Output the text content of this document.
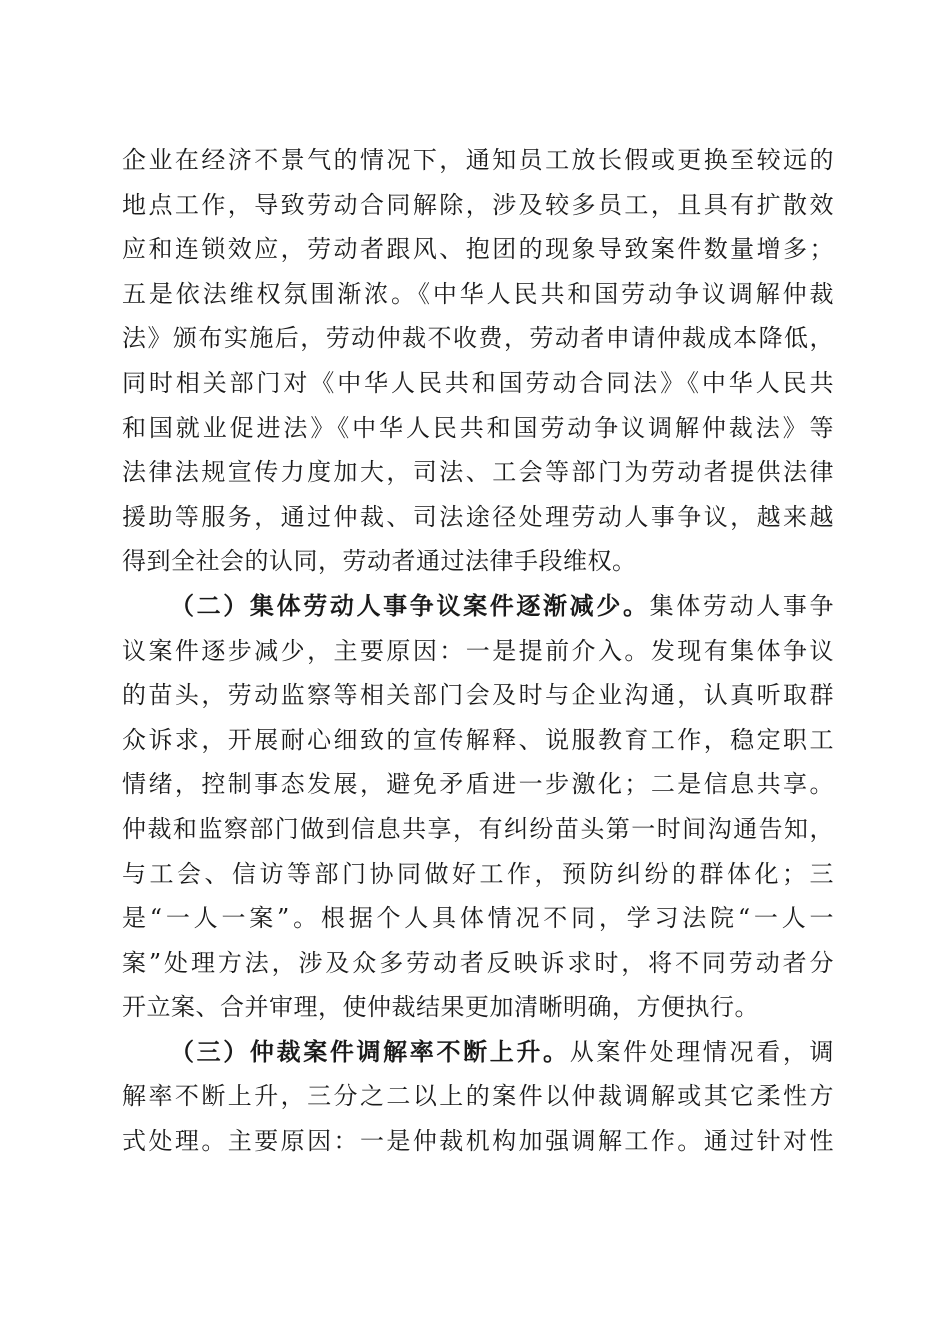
企业在经济不景气的情况下，通知员工放长假或更换至较远的
地点工作，导致劳动合同解除，涉及较多员工，且具有扩散效
应和连锁效应，劳动者跟风、抱团的现象导致案件数量增多；
五是依法维权氛围渐浓。《中华人民共和国劳动争议调解仲裁
法》颁布实施后，劳动仲裁不收费，劳动者申请仲裁成本降低，
同时相关部门对《中华人民共和国劳动合同法》《中华人民共
和国就业促进法》《中华人民共和国劳动争议调解仲裁法》等
法律法规宣传力度加大，司法、工会等部门为劳动者提供法律
援助等服务，通过仲裁、司法途径处理劳动人事争议，越来越
得到全社会的认同，劳动者通过法律手段维权。
（二）集体劳动人事争议案件逐渐减少。集体劳动人事争
议案件逐步减少，主要原因：一是提前介入。发现有集体争议
的苗头，劳动监察等相关部门会及时与企业沟通，认真听取群
众诉求，开展耐心细致的宣传解释、说服教育工作，稳定职工
情绪，控制事态发展，避免矛盾进一步激化；二是信息共享。
仲裁和监察部门做到信息共享，有纠纷苗头第一时间沟通告知，
与工会、信访等部门协同做好工作，预防纠纷的群体化；三
是“一人一案”。根据个人具体情况不同，学习法院“一人一
案”处理方法，涉及众多劳动者反映诉求时，将不同劳动者分
开立案、合并审理，使仲裁结果更加清晰明确，方便执行。
（三）仲裁案件调解率不断上升。从案件处理情况看，调
解率不断上升，三分之二以上的案件以仲裁调解或其它柔性方
式处理。主要原因：一是仲裁机构加强调解工作。通过针对性
